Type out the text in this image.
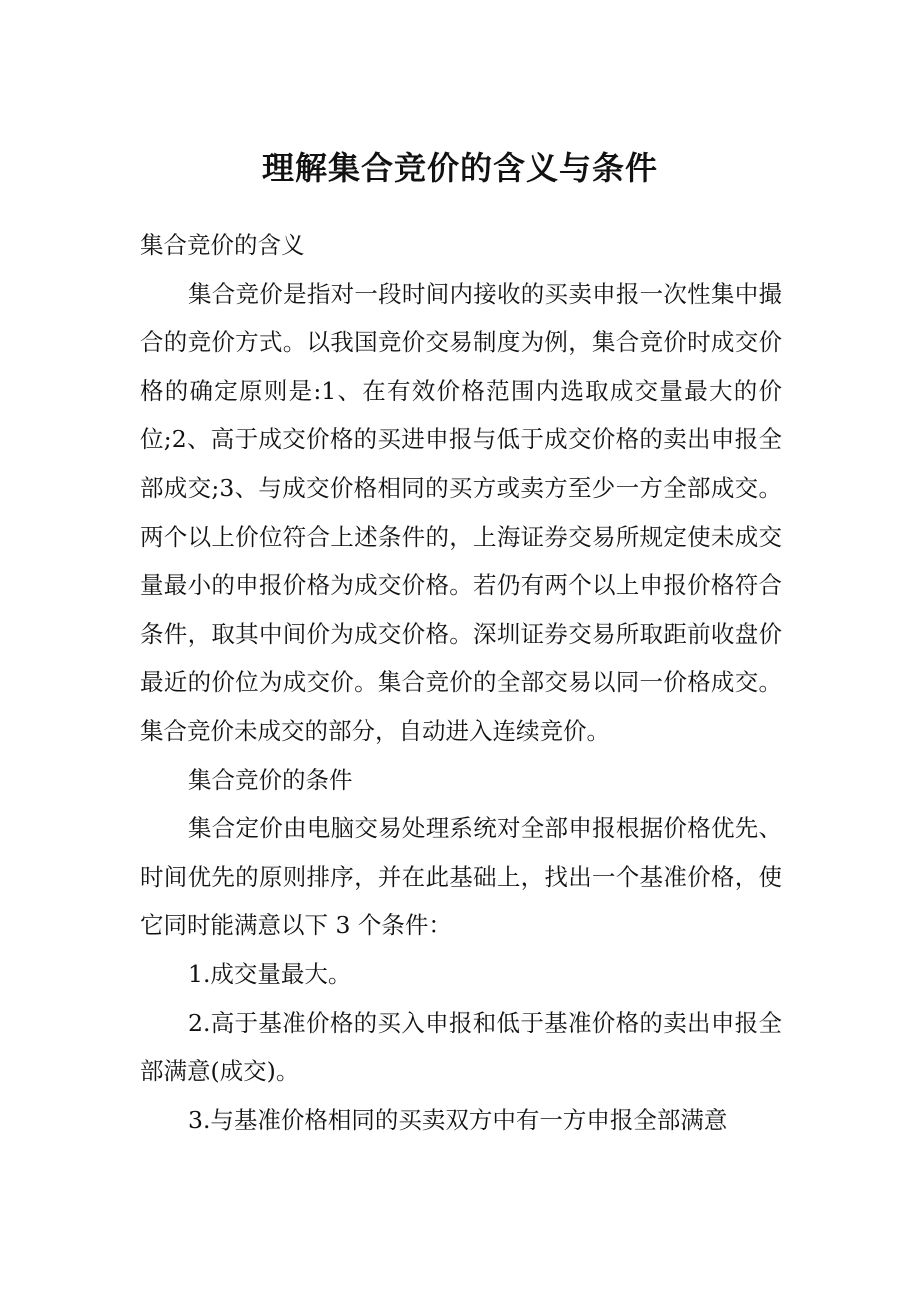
理解集合竞价的含义与条件

集合竞价的含义

集合竞价是指对一段时间内接收的买卖申报一次性集中撮合的竞价方式。以我国竞价交易制度为例，集合竞价时成交价格的确定原则是:1、在有效价格范围内选取成交量最大的价位;2、高于成交价格的买进申报与低于成交价格的卖出申报全部成交;3、与成交价格相同的买方或卖方至少一方全部成交。两个以上价位符合上述条件的，上海证券交易所规定使未成交量最小的申报价格为成交价格。若仍有两个以上申报价格符合条件，取其中间价为成交价格。深圳证券交易所取距前收盘价最近的价位为成交价。集合竞价的全部交易以同一价格成交。集合竞价未成交的部分，自动进入连续竞价。

集合竞价的条件

集合定价由电脑交易处理系统对全部申报根据价格优先、时间优先的原则排序，并在此基础上，找出一个基准价格，使它同时能满意以下 3 个条件：

1.成交量最大。

2.高于基准价格的买入申报和低于基准价格的卖出申报全部满意(成交)。

3.与基准价格相同的买卖双方中有一方申报全部满意
